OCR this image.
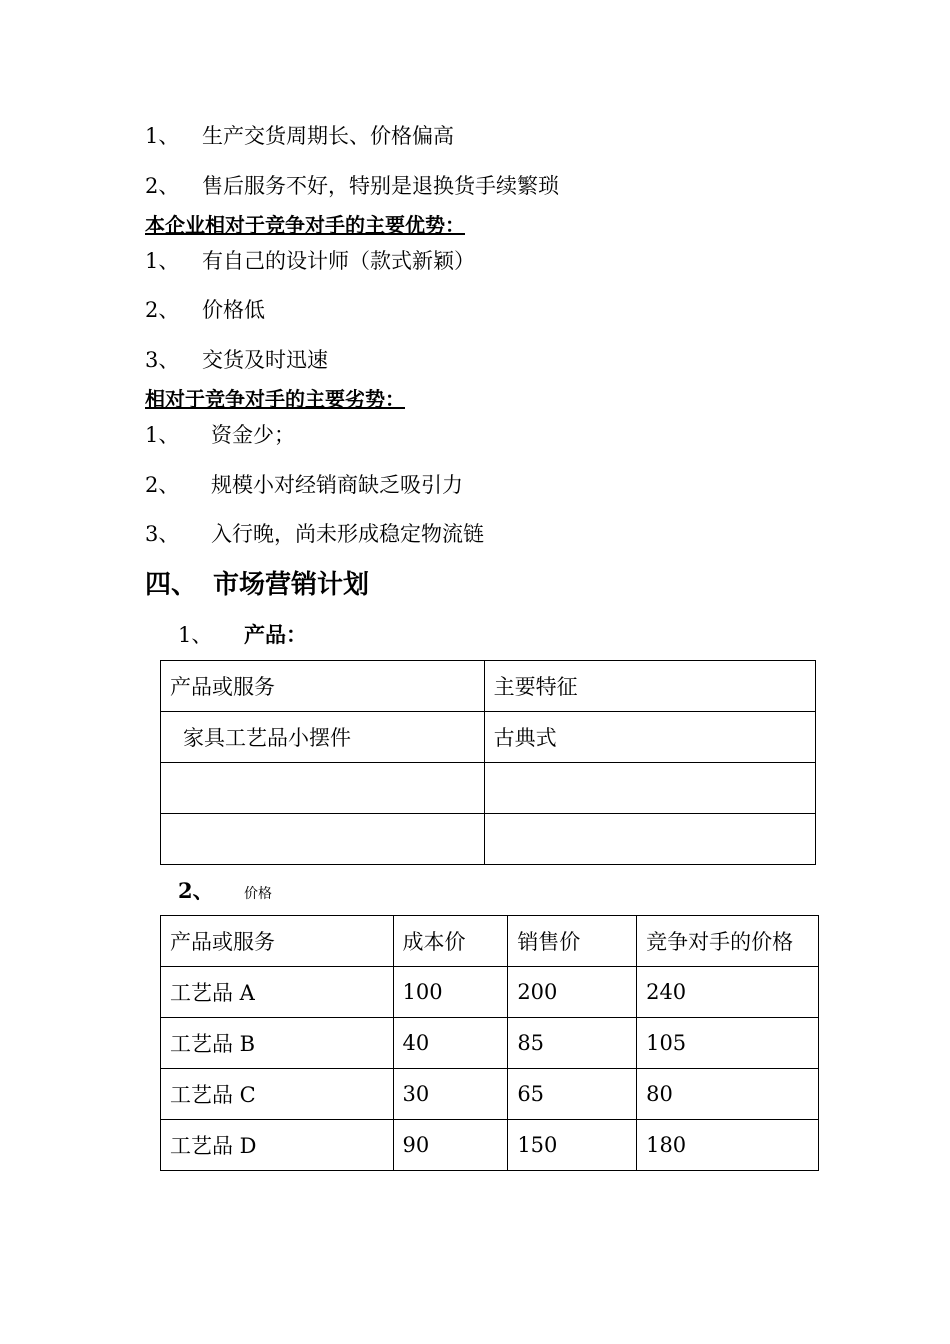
1、 生产交货周期长、价格偏高
2、 售后服务不好，特别是退换货手续繁琐
本企业相对于竞争对手的主要优势：
1、 有自己的设计师（款式新颖）
2、 价格低
3、 交货及时迅速
相对于竞争对手的主要劣势：
1、 资金少；
2、 规模小对经销商缺乏吸引力
3、 入行晚，尚未形成稳定物流链
四、 市场营销计划
1、 产品：
产品或服务	主要特征
家具工艺品小摆件	古典式

2、 价格
产品或服务	成本价	销售价	竞争对手的价格
工艺品 A	100	200	240
工艺品 B	40	85	105
工艺品 C	30	65	80
工艺品 D	90	150	180
